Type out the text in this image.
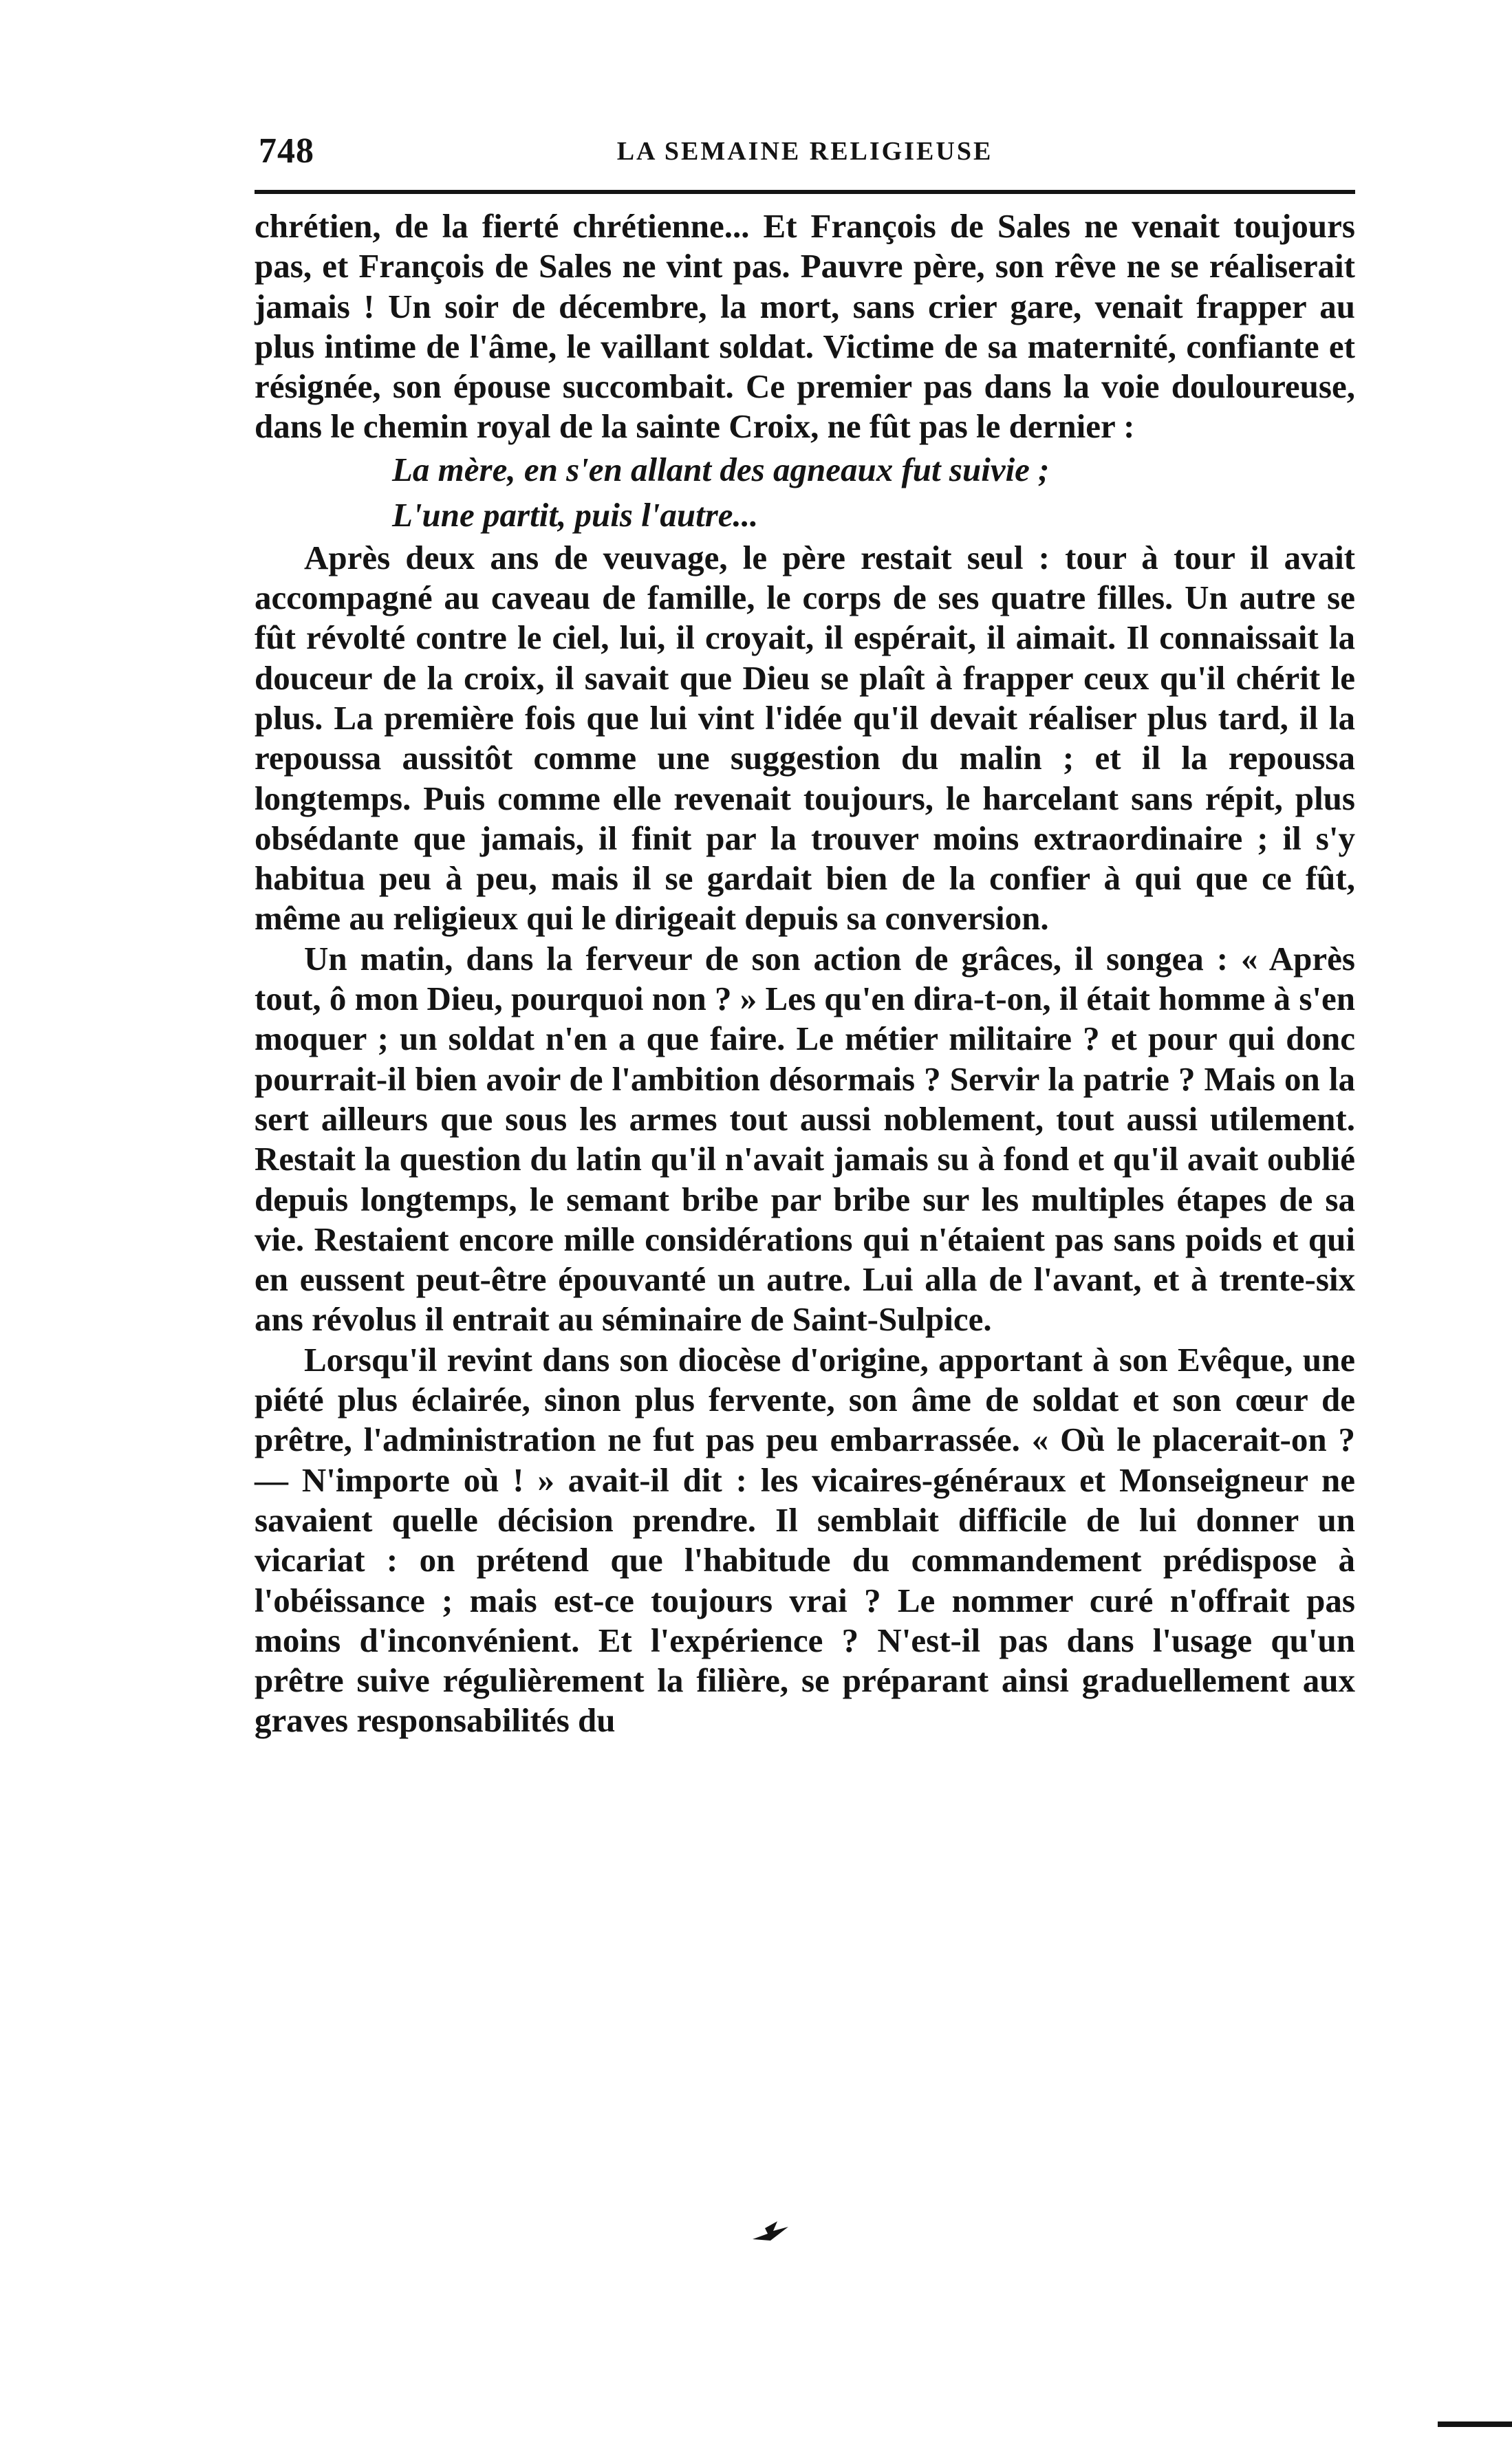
748	LA SEMAINE RELIGIEUSE

chrétien, de la fierté chrétienne... Et François de Sales ne venait toujours pas, et François de Sales ne vint pas. Pauvre père, son rêve ne se réaliserait jamais ! Un soir de décembre, la mort, sans crier gare, venait frapper au plus intime de l'âme, le vaillant soldat. Victime de sa maternité, confiante et résignée, son épouse succombait. Ce premier pas dans la voie douloureuse, dans le chemin royal de la sainte Croix, ne fût pas le dernier :

La mère, en s'en allant des agneaux fut suivie ;

L'une partit, puis l'autre...

Après deux ans de veuvage, le père restait seul : tour à tour il avait accompagné au caveau de famille, le corps de ses quatre filles. Un autre se fût révolté contre le ciel, lui, il croyait, il espérait, il aimait. Il connaissait la douceur de la croix, il savait que Dieu se plaît à frapper ceux qu'il chérit le plus. La première fois que lui vint l'idée qu'il devait réaliser plus tard, il la repoussa aussitôt comme une suggestion du malin ; et il la repoussa longtemps. Puis comme elle revenait toujours, le harcelant sans répit, plus obsédante que jamais, il finit par la trouver moins extraordinaire ; il s'y habitua peu à peu, mais il se gardait bien de la confier à qui que ce fût, même au religieux qui le dirigeait depuis sa conversion.

Un matin, dans la ferveur de son action de grâces, il songea : « Après tout, ô mon Dieu, pourquoi non ? » Les qu'en dira-t-on, il était homme à s'en moquer ; un soldat n'en a que faire. Le métier militaire ? et pour qui donc pourrait-il bien avoir de l'ambition désormais ? Servir la patrie ? Mais on la sert ailleurs que sous les armes tout aussi noblement, tout aussi utilement. Restait la question du latin qu'il n'avait jamais su à fond et qu'il avait oublié depuis longtemps, le semant bribe par bribe sur les multiples étapes de sa vie. Restaient encore mille considérations qui n'étaient pas sans poids et qui en eussent peut-être épouvanté un autre. Lui alla de l'avant, et à trente-six ans révolus il entrait au séminaire de Saint-Sulpice.

Lorsqu'il revint dans son diocèse d'origine, apportant à son Evêque, une piété plus éclairée, sinon plus fervente, son âme de soldat et son cœur de prêtre, l'administration ne fut pas peu embarrassée. « Où le placerait-on ? — N'importe où ! » avait-il dit : les vicaires-généraux et Monseigneur ne savaient quelle décision prendre. Il semblait difficile de lui donner un vicariat : on prétend que l'habitude du commandement prédispose à l'obéissance ; mais est-ce toujours vrai ? Le nommer curé n'offrait pas moins d'inconvénient. Et l'expérience ? N'est-il pas dans l'usage qu'un prêtre suive régulièrement la filière, se préparant ainsi graduellement aux graves responsabilités du
